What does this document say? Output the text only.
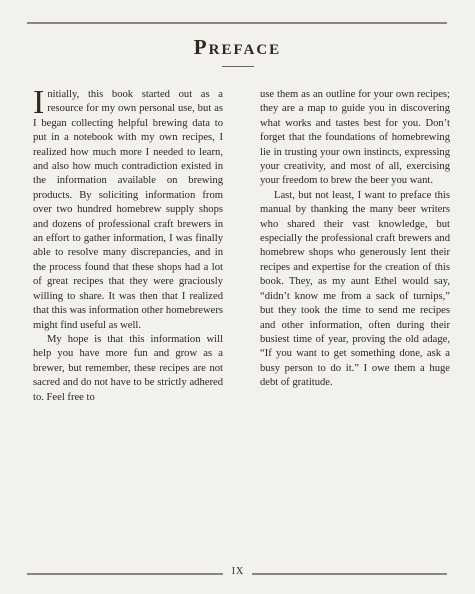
Preface

Initially, this book started out as a resource for my own personal use, but as I began collecting helpful brewing data to put in a notebook with my own recipes, I realized how much more I needed to learn, and also how much contradiction existed in the information available on brewing products. By soliciting information from over two hundred homebrew supply shops and dozens of professional craft brewers in an effort to gather information, I was finally able to resolve many discrepancies, and in the process found that these shops had a lot of great recipes that they were graciously willing to share. It was then that I realized that this was information other homebrewers might find useful as well.

My hope is that this information will help you have more fun and grow as a brewer, but remember, these recipes are not sacred and do not have to be strictly adhered to. Feel free to

use them as an outline for your own recipes; they are a map to guide you in discovering what works and tastes best for you. Don’t forget that the foundations of homebrewing lie in trusting your own instincts, expressing your creativity, and most of all, exercising your freedom to brew the beer you want.

Last, but not least, I want to preface this manual by thanking the many beer writers who shared their vast knowledge, but especially the professional craft brewers and homebrew shops who generously lent their recipes and expertise for the creation of this book. They, as my aunt Ethel would say, “didn’t know me from a sack of turnips,” but they took the time to send me recipes and other information, often during their busiest time of year, proving the old adage, “If you want to get something done, ask a busy person to do it.” I owe them a huge debt of gratitude.

IX
